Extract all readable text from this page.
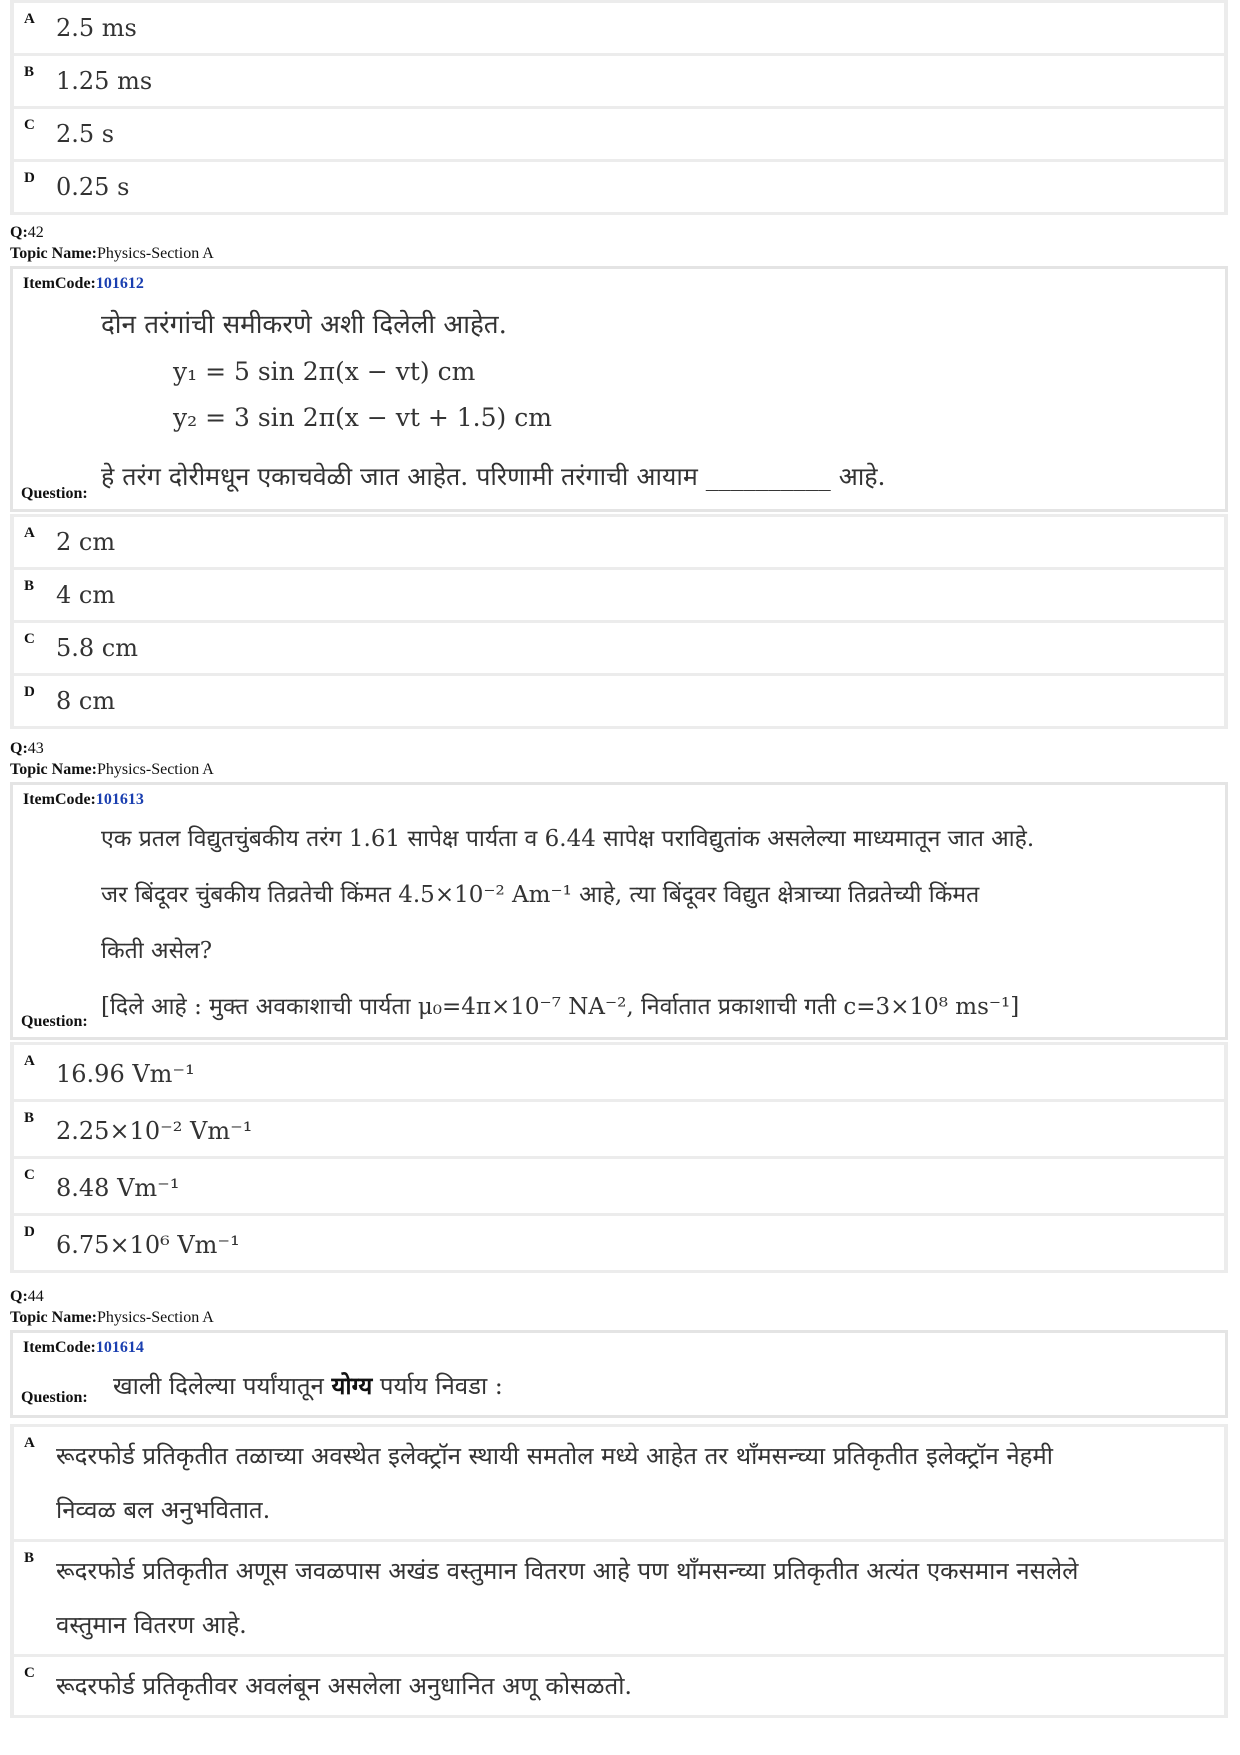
A 2.5 ms
B 1.25 ms
C 2.5 s
D 0.25 s
Q:42
Topic Name:Physics-Section A
ItemCode:101612
दोन तरंगांची समीकरणे अशी दिलेली आहेत.
y₁ = 5 sin 2π(x − vt) cm
y₂ = 3 sin 2π(x − vt + 1.5) cm
हे तरंग दोरीमधून एकाचवेळी जात आहेत. परिणामी तरंगाची आयाम __________ आहे.
Question:
A 2 cm
B 4 cm
C 5.8 cm
D 8 cm
Q:43
Topic Name:Physics-Section A
ItemCode:101613
एक प्रतल विद्युतचुंबकीय तरंग 1.61 सापेक्ष पार्यता व 6.44 सापेक्ष पराविद्युतांक असलेल्या माध्यमातून जात आहे.
जर बिंदूवर चुंबकीय तिव्रतेची किंमत 4.5×10⁻² Am⁻¹ आहे, त्या बिंदूवर विद्युत क्षेत्राच्या तिव्रतेच्यी किंमत
किती असेल?
[दिले आहे : मुक्त अवकाशाची पार्यता μ₀=4π×10⁻⁷ NA⁻², निर्वातात प्रकाशाची गती c=3×10⁸ ms⁻¹]
Question:
A 16.96 Vm⁻¹
B 2.25×10⁻² Vm⁻¹
C 8.48 Vm⁻¹
D 6.75×10⁶ Vm⁻¹
Q:44
Topic Name:Physics-Section A
ItemCode:101614
खाली दिलेल्या पर्यांयातून योग्य पर्याय निवडा :
Question:
A रूदरफोर्ड प्रतिकृतीत तळाच्या अवस्थेत इलेक्ट्रॉन स्थायी समतोल मध्ये आहेत तर थॉंमसन्च्या प्रतिकृतीत इलेक्ट्रॉन नेहमी निव्वळ बल अनुभवितात.
B रूदरफोर्ड प्रतिकृतीत अणूस जवळपास अखंड वस्तुमान वितरण आहे पण थॉंमसन्च्या प्रतिकृतीत अत्यंत एकसमान नसलेले वस्तुमान वितरण आहे.
C रूदरफोर्ड प्रतिकृतीवर अवलंबून असलेला अनुधानित अणू कोसळतो.
